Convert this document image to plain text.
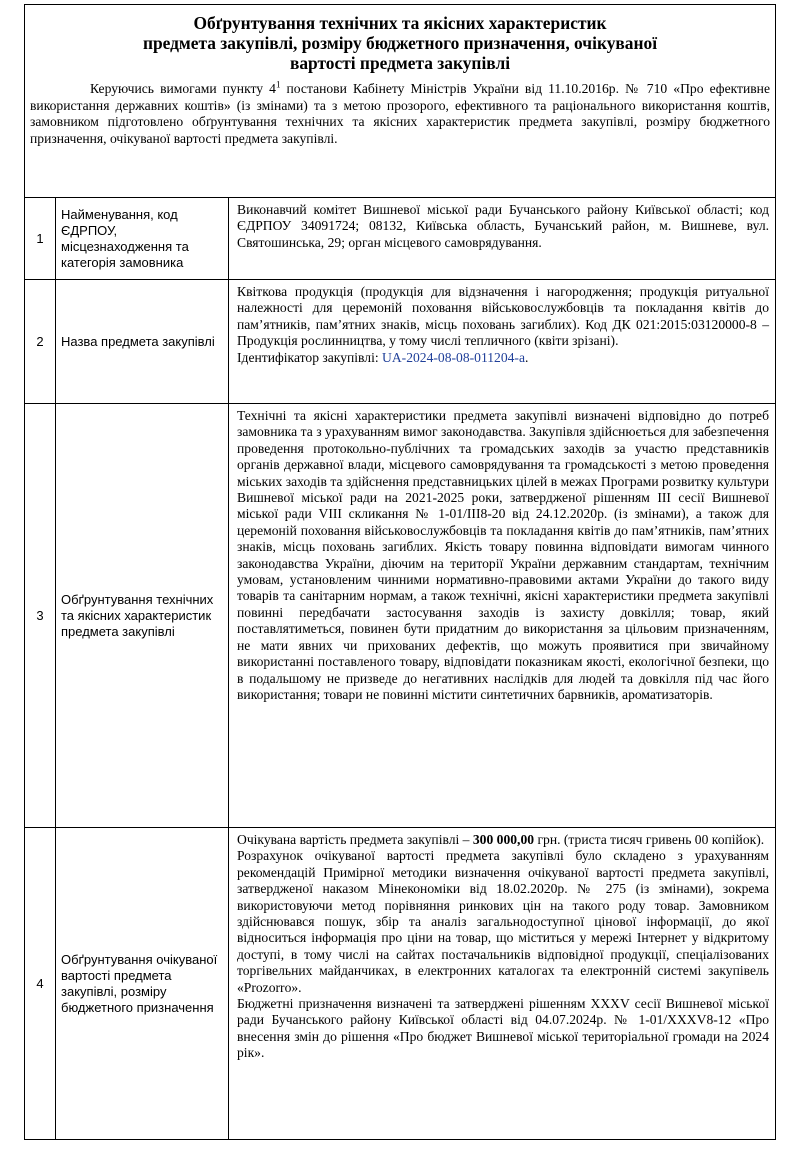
Обґрунтування технічних та якісних характеристик
предмета закупівлі, розміру бюджетного призначення, очікуваної
вартості предмета закупівлі
Керуючись вимогами пункту $4^1$ постанови Кабінету Міністрів України від 11.10.2016р. № 710 «Про ефективне використання державних коштів» (із змінами) та з метою прозорого, ефективного та раціонального використання коштів, замовником підготовлено обґрунтування технічних та якісних характеристик предмета закупівлі, розміру бюджетного призначення, очікуваної вартості предмета закупівлі.
1	Найменування, код ЄДРПОУ, місцезнаходження та категорія замовника	Виконавчий комітет Вишневої міської ради Бучанського району Київської області; код ЄДРПОУ 34091724; 08132, Київська область, Бучанський район, м. Вишневе, вул. Святошинська, 29; орган місцевого самоврядування.
2	Назва предмета закупівлі	Квіткова продукція (продукція для відзначення і нагородження; продукція ритуальної належності для церемоній поховання військовослужбовців та покладання квітів до пам’ятників, пам’ятних знаків, місць поховань загиблих). Код ДК 021:2015:03120000-8 – Продукція рослинництва, у тому числі тепличного (квіти зрізані).
Ідентифікатор закупівлі: UA-2024-08-08-011204-a.

3	Обґрунтування технічних та якісних характеристик предмета закупівлі	Технічні та якісні характеристики предмета закупівлі визначені відповідно до потреб замовника та з урахуванням вимог законодавства. Закупівля здійснюється для забезпечення проведення протокольно-публічних та громадських заходів за участю представників органів державної влади, місцевого самоврядування та громадськості з метою проведення міських заходів та здійснення представницьких цілей в межах Програми розвитку культури Вишневої міської ради на 2021-2025 роки, затвердженої рішенням ІІІ сесії Вишневої міської ради VIII скликання № 1-01/ІІІ8-20 від 24.12.2020р. (із змінами), а також для церемоній поховання військовослужбовців та покладання квітів до пам’ятників, пам’ятних знаків, місць поховань загиблих. Якість товару повинна відповідати вимогам чинного законодавства України, діючим на території України державним стандартам, технічним умовам, установленим чинними нормативно-правовими актами України до такого виду товарів та санітарним нормам, а також технічні, якісні характеристики предмета закупівлі повинні передбачати застосування заходів із захисту довкілля; товар, який поставлятиметься, повинен бути придатним до використання за цільовим призначенням, не мати явних чи прихованих дефектів, що можуть проявитися при звичайному використанні поставленого товару, відповідати показникам якості, екологічної безпеки, що в подальшому не призведе до негативних наслідків для людей та довкілля під час його використання; товари не повинні містити синтетичних барвників, ароматизаторів.
4	Обґрунтування очікуваної вартості предмета закупівлі, розміру бюджетного призначення	Очікувана вартість предмета закупівлі – 300 000,00 грн. (триста тисяч гривень 00 копійок).
Розрахунок очікуваної вартості предмета закупівлі було складено з урахуванням рекомендацій Примірної методики визначення очікуваної вартості предмета закупівлі, затвердженої наказом Мінекономіки від 18.02.2020р. № 275 (із змінами), зокрема використовуючи метод порівняння ринкових цін на такого роду товар. Замовником здійснювався пошук, збір та аналіз загальнодоступної цінової інформації, до якої відноситься інформація про ціни на товар, що міститься у мережі Інтернет у відкритому доступі, в тому числі на сайтах постачальників відповідної продукції, спеціалізованих торгівельних майданчиках, в електронних каталогах та електронній системі закупівель «Prozorro».
Бюджетні призначення визначені та затверджені рішенням XXXV сесії Вишневої міської ради Бучанського району Київської області від 04.07.2024р. № 1-01/XXXV8-12 «Про внесення змін до рішення «Про бюджет Вишневої міської територіальної громади на 2024 рік».
